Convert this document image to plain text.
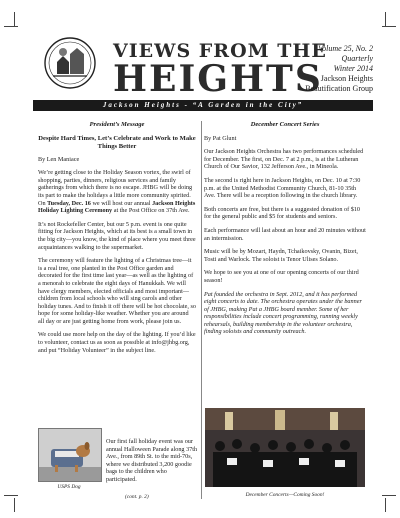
VIEWS FROM THE
HEIGHTS
Volume 25, No. 2
Quarterly
Winter 2014
Jackson Heights
Beautification Group
Jackson Heights - “A Garden in the City”
President’s Message
Despite Hard Times, Let’s Celebrate and Work to Make Things Better

By Len Maniace

We’re getting close to the Holiday Season vortex, the swirl of shopping, parties, dinners, religious services and family gatherings from which there is no escape. JHBG will be doing its part to make the holidays a little more community spirited. On Tuesday, Dec. 16 we will host our annual Jackson Heights Holiday Lighting Ceremony at the Post Office on 37th Ave.

It’s not Rockefeller Center, but our 5 p.m. event is one quite fitting for Jackson Heights, which at its best is a small town in the big city—you know, the kind of place where you meet three acquaintances walking to the supermarket.

The ceremony will feature the lighting of a Christmas tree—it is a real tree, one planted in the Post Office garden and decorated for the first time last year—as well as the lighting of a menorah to celebrate the eight days of Hanukkah. We will have clergy members, elected officials and most important—children from local schools who will sing carols and other holiday tunes. And to finish it off there will be hot chocolate, so hope for some holiday-like weather. Whether you are around all day or are just getting home from work, please join us.

We could use more help on the day of the lighting. If you’d like to volunteer, contact us as soon as possible at info@jhbg.org, and put “Holiday Volunteer” in the subject line.

Our first fall holiday event was our annual Halloween Parade along 37th Ave., from 89th St. to the mid-70s, where we distributed 3,200 goodie bags to the children who participated.
USPS Dog
(cont. p. 2)
December Concert Series

By Pat Glunt

Our Jackson Heights Orchestra has two performances scheduled for December. The first, on Dec. 7 at 2 p.m., is at the Lutheran Church of Our Savior, 132 Jefferson Ave., in Mineola.

The second is right here in Jackson Heights, on Dec. 10 at 7:30 p.m. at the United Methodist Community Church, 81-10 35th Ave. There will be a reception following in the church library.

Both concerts are free, but there is a suggested donation of $10 for the general public and $5 for students and seniors.

Each performance will last about an hour and 20 minutes without an intermission.

Music will be by Mozart, Haydn, Tchaikovsky, Ovanin, Bizet, Tosti and Warlock. The soloist is Tenor Ulises Solano.

We hope to see you at one of our opening concerts of our third season!

Pat founded the orchestra in Sept. 2012, and it has performed eight concerts to date. The orchestra operates under the banner of JHBG, making Pat a JHBG board member. Some of her responsibilities include concert programming, running weekly rehearsals, building membership in the volunteer orchestra, finding soloists and community outreach.

December Concerts—Coming Soon!
